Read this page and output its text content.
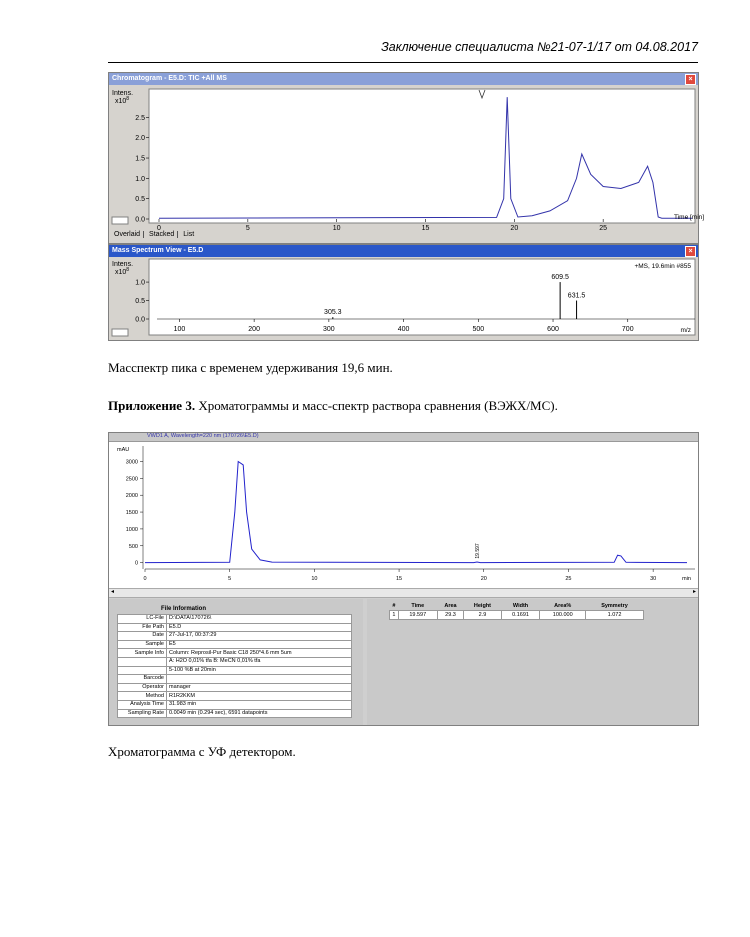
Заключение специалиста №21-07-1/17 от 04.08.2017
Chromatogram - E5.D: TIC +All MS	×
Intens.
$x10^8$
0	5	10	15	20	25
0.0
0.5
1.0
1.5
2.0
2.5
Time [min]
Overlaid Stacked List
Mass Spectrum View - E5.D	×
Intens.
$x10^8$	+MS, 19.6min #855
100	200	300	400	500	600	700
0.0
0.5
1.0
305.3
609.5
631.5
m/z
Масспектр пика с временем удерживания 19,6 мин.
Приложение 3. Хроматограммы и масс-спектр раствора сравнения (ВЭЖХ/МС).
VWD1 A, Wavelength=220 nm (170726\E5.D)
mAU
0	5	10	15	20	25	30
0
500
1000
1500
2000
2500
3000
19.597
min
◂	▸
File Information
LC-File	D:\DATA\170726\
File Path	E5.D
Date	27-Jul-17, 00:37:29
Sample	E5
Sample Info	Column: Reprosil-Pur Basic C18 250*4.6 mm 5um
	A: H2O 0,01% tfa B: MeCN 0,01% tfa
	5-100 %B at 20min
Barcode	
Operator	manager
Method	R1R2KKM
Analysis Time	31.983 min
Sampling Rate	0.0049 min (0.294 sec), 6591 datapoints
#	Time	Area	Height	Width	Area%	Symmetry
1	19.597	29.3	2.9	0.1691	100.000	1.072
Хроматограмма с УФ детектором.
